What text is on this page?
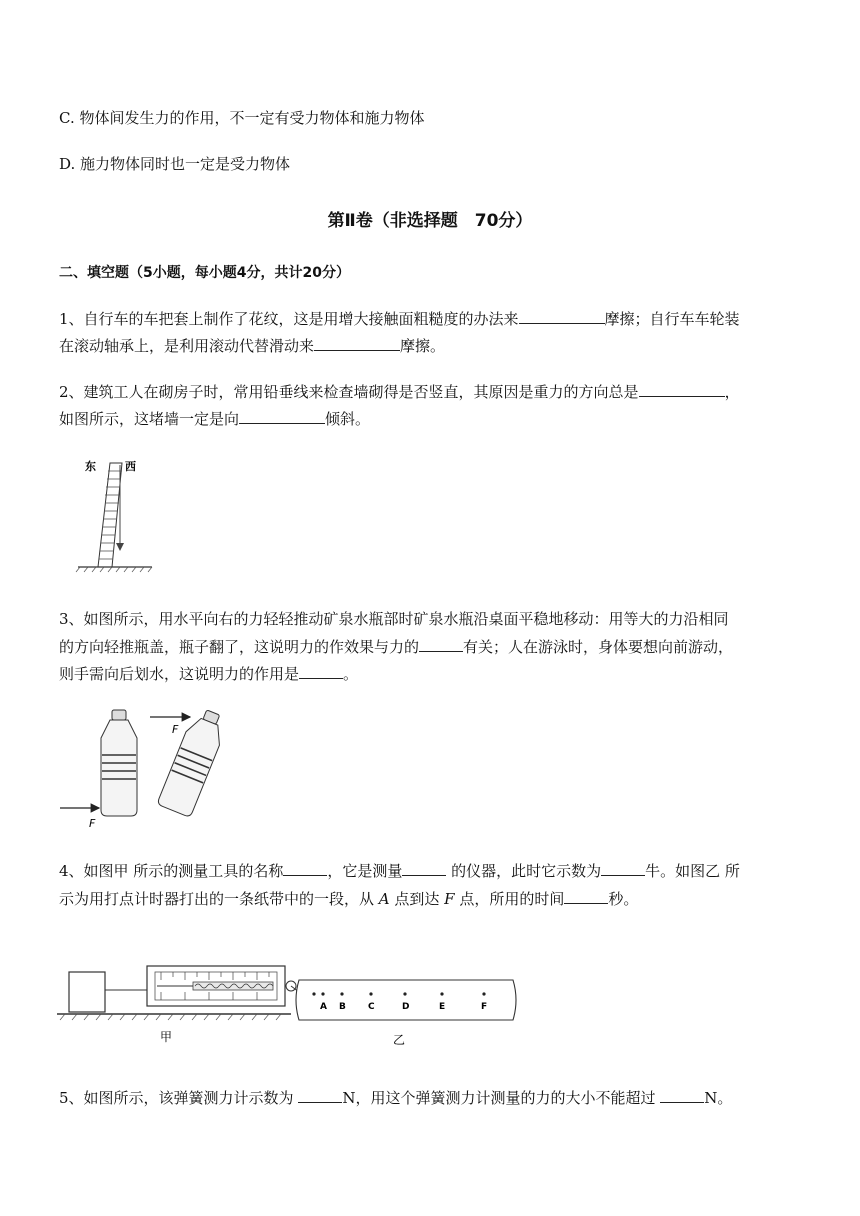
C. 物体间发生力的作用，不一定有受力物体和施力物体
D. 施力物体同时也一定是受力物体
第Ⅱ卷（非选择题　70分）
二、填空题（5小题，每小题4分，共计20分）
1、自行车的车把套上制作了花纹，这是用增大接触面粗糙度的办法来	摩擦；自行车车轮装
在滚动轴承上，是利用滚动代替滑动来	摩擦。
2、建筑工人在砌房子时，常用铅垂线来检查墙砌得是否竖直，其原因是重力的方向总是	，
如图所示，这堵墙一定是向	倾斜。
东	西
3、如图所示，用水平向右的力轻轻推动矿泉水瓶部时矿泉水瓶沿桌面平稳地移动：用等大的力沿相同
的方向轻推瓶盖，瓶子翻了，这说明力的作效果与力的	有关；人在游泳时，身体要想向前游动，
则手需向后划水，这说明力的作用是	。
F
F
4、如图甲 所示的测量工具的名称	，它是测量	的仪器，此时它示数为	牛。如图乙 所
示为用打点计时器打出的一条纸带中的一段，从 A 点到达 F 点，所用的时间	秒。
甲
A B C	D	E	F
乙
5、如图所示，该弹簧测力计示数为	N，用这个弹簧测力计测量的力的大小不能超过	N。
